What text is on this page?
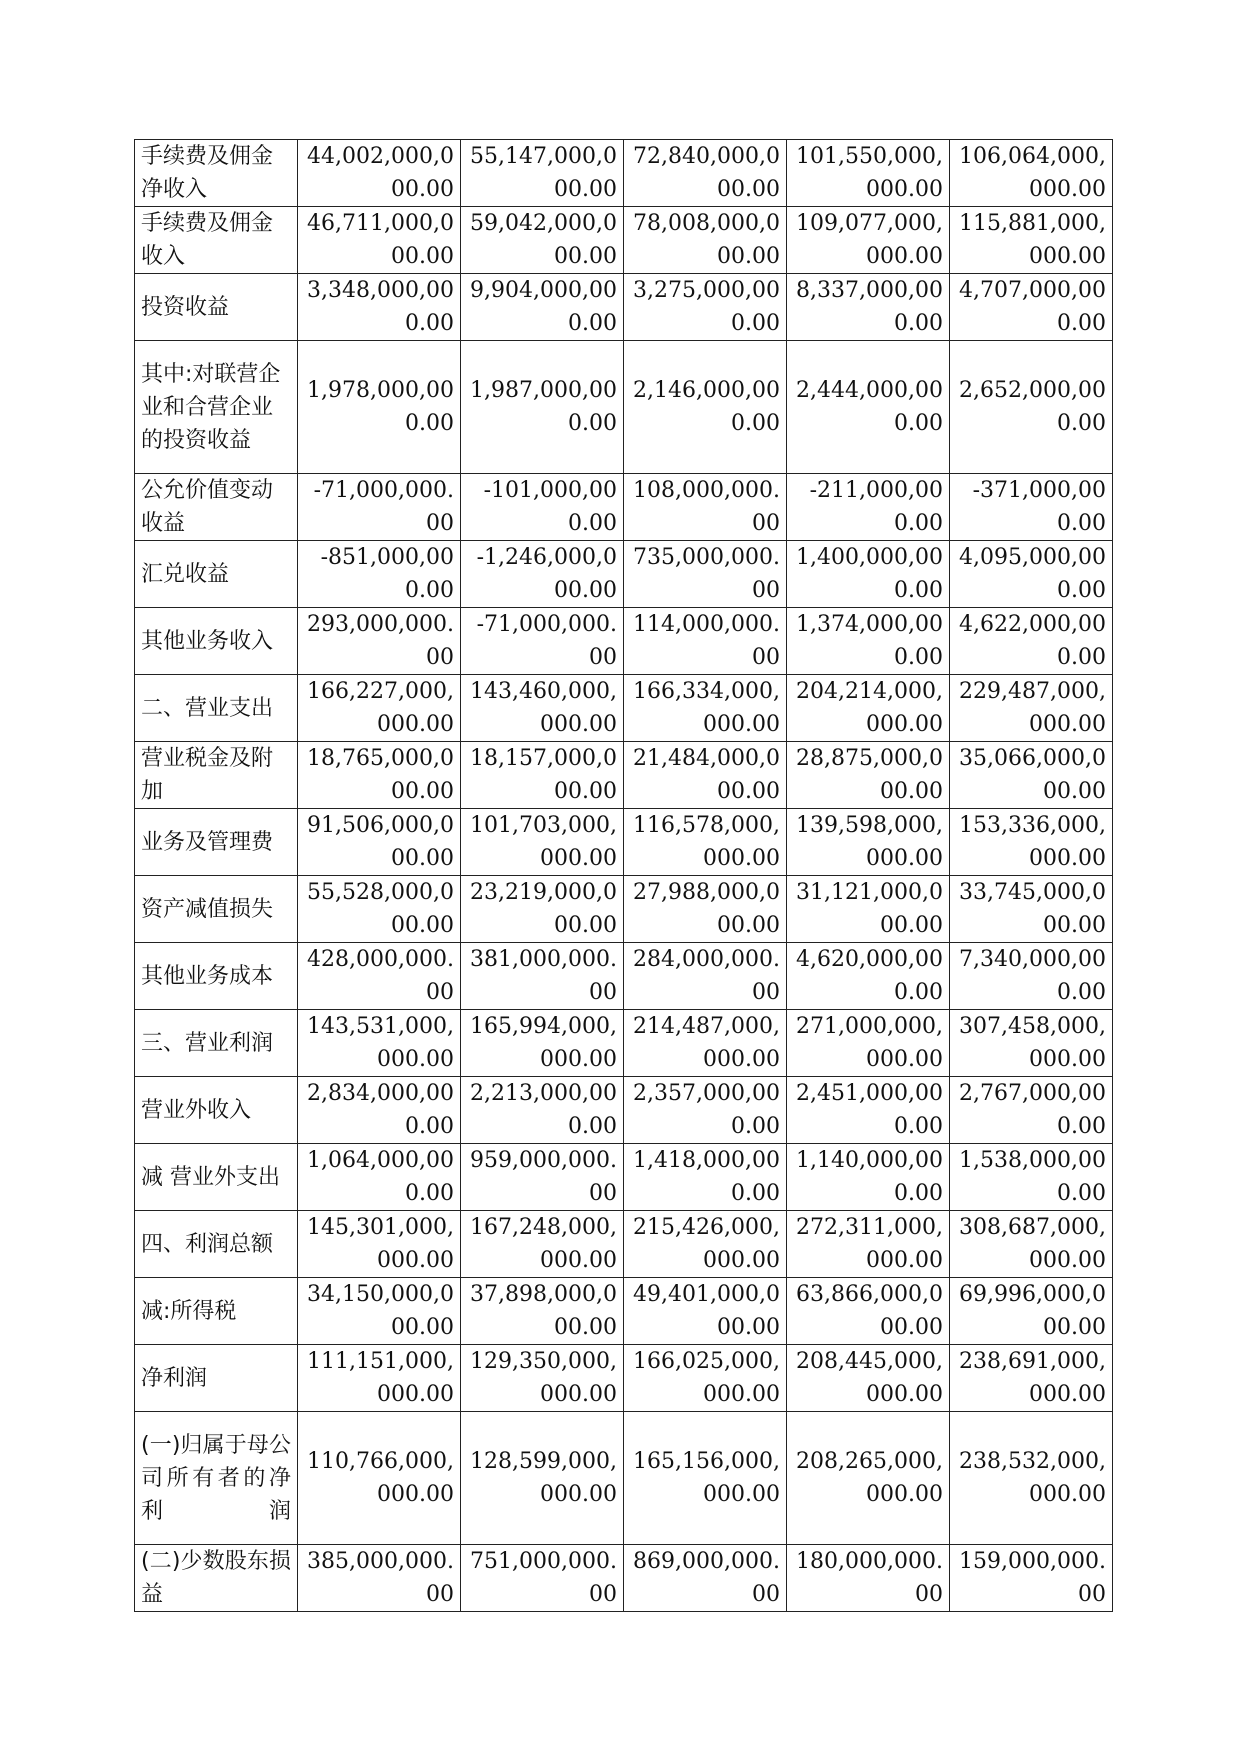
手续费及佣金净收入	44,002,000,000.00	55,147,000,000.00	72,840,000,000.00	101,550,000,000.00	106,064,000,000.00
手续费及佣金收入	46,711,000,000.00	59,042,000,000.00	78,008,000,000.00	109,077,000,000.00	115,881,000,000.00
投资收益	3,348,000,000.00	9,904,000,000.00	3,275,000,000.00	8,337,000,000.00	4,707,000,000.00
其中:对联营企业和合营企业的投资收益	1,978,000,000.00	1,987,000,000.00	2,146,000,000.00	2,444,000,000.00	2,652,000,000.00
公允价值变动收益	-71,000,000.00	-101,000,000.00	108,000,000.00	-211,000,000.00	-371,000,000.00
汇兑收益	-851,000,000.00	-1,246,000,000.00	735,000,000.00	1,400,000,000.00	4,095,000,000.00
其他业务收入	293,000,000.00	-71,000,000.00	114,000,000.00	1,374,000,000.00	4,622,000,000.00
二、营业支出	166,227,000,000.00	143,460,000,000.00	166,334,000,000.00	204,214,000,000.00	229,487,000,000.00
营业税金及附加	18,765,000,000.00	18,157,000,000.00	21,484,000,000.00	28,875,000,000.00	35,066,000,000.00
业务及管理费	91,506,000,000.00	101,703,000,000.00	116,578,000,000.00	139,598,000,000.00	153,336,000,000.00
资产减值损失	55,528,000,000.00	23,219,000,000.00	27,988,000,000.00	31,121,000,000.00	33,745,000,000.00
其他业务成本	428,000,000.00	381,000,000.00	284,000,000.00	4,620,000,000.00	7,340,000,000.00
三、营业利润	143,531,000,000.00	165,994,000,000.00	214,487,000,000.00	271,000,000,000.00	307,458,000,000.00
营业外收入	2,834,000,000.00	2,213,000,000.00	2,357,000,000.00	2,451,000,000.00	2,767,000,000.00
减 营业外支出	1,064,000,000.00	959,000,000.00	1,418,000,000.00	1,140,000,000.00	1,538,000,000.00
四、利润总额	145,301,000,000.00	167,248,000,000.00	215,426,000,000.00	272,311,000,000.00	308,687,000,000.00
减:所得税	34,150,000,000.00	37,898,000,000.00	49,401,000,000.00	63,866,000,000.00	69,996,000,000.00
净利润	111,151,000,000.00	129,350,000,000.00	166,025,000,000.00	208,445,000,000.00	238,691,000,000.00
(一)归属于母公司所有者的净利润	110,766,000,000.00	128,599,000,000.00	165,156,000,000.00	208,265,000,000.00	238,532,000,000.00
(二)少数股东损益	385,000,000.00	751,000,000.00	869,000,000.00	180,000,000.00	159,000,000.00
